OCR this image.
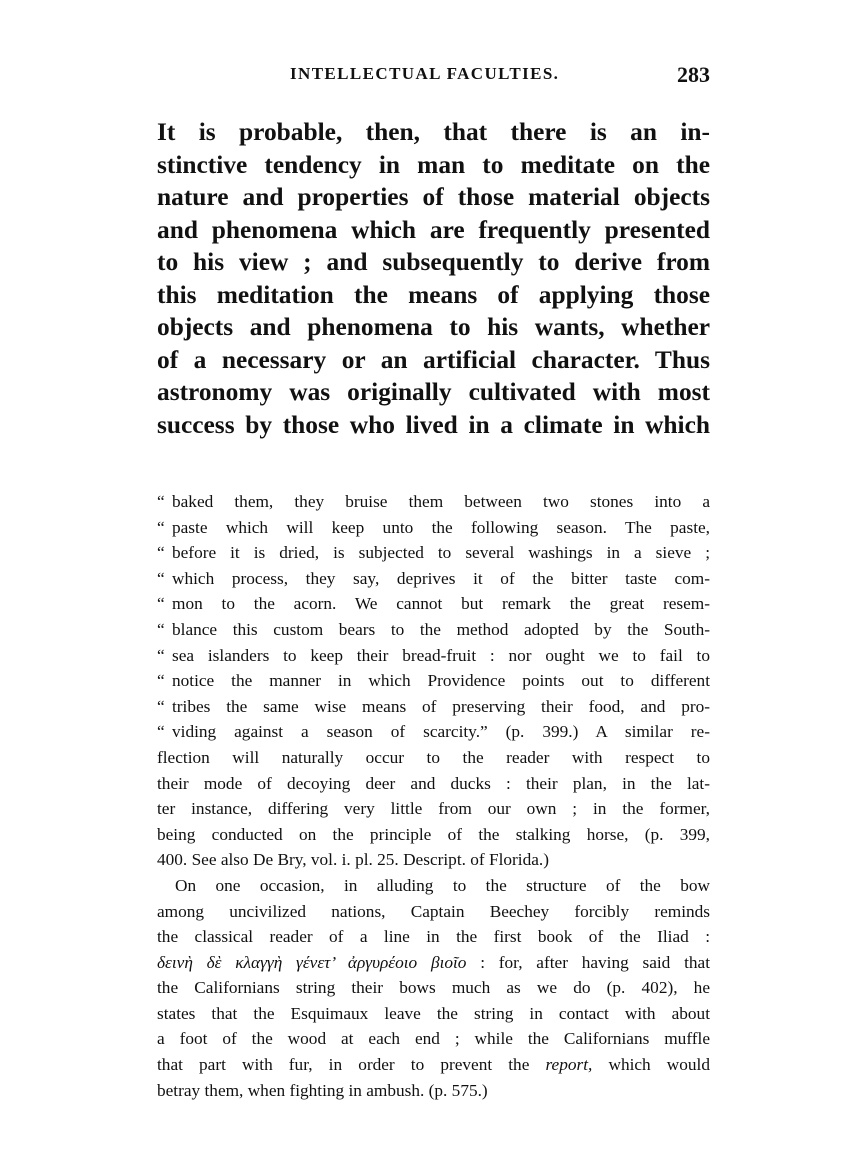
INTELLECTUAL FACULTIES.	283
It is probable, then, that there is an in-
stinctive tendency in man to meditate on the
nature and properties of those material objects
and phenomena which are frequently presented
to his view ; and subsequently to derive from
this meditation the means of applying those
objects and phenomena to his wants, whether
of a necessary or an artificial character. Thus
astronomy was originally cultivated with most
success by those who lived in a climate in which
“ baked them, they bruise them between two stones into a
“ paste which will keep unto the following season. The paste,
“ before it is dried, is subjected to several washings in a sieve ;
“ which process, they say, deprives it of the bitter taste com-
“ mon to the acorn. We cannot but remark the great resem-
“ blance this custom bears to the method adopted by the South-
“ sea islanders to keep their bread-fruit : nor ought we to fail to
“ notice the manner in which Providence points out to different
“ tribes the same wise means of preserving their food, and pro-
“ viding against a season of scarcity.” (p. 399.) A similar re-
flection will naturally occur to the reader with respect to
their mode of decoying deer and ducks : their plan, in the lat-
ter instance, differing very little from our own ; in the former,
being conducted on the principle of the stalking horse, (p. 399,
400. See also De Bry, vol. i. pl. 25. Descript. of Florida.)
On one occasion, in alluding to the structure of the bow
among uncivilized nations, Captain Beechey forcibly reminds
the classical reader of a line in the first book of the Iliad :
δεινὴ δὲ κλαγγὴ γένετ’ ἀργυρέοιο βιοῖο : for, after having said that
the Californians string their bows much as we do (p. 402), he
states that the Esquimaux leave the string in contact with about
a foot of the wood at each end ; while the Californians muffle
that part with fur, in order to prevent the report, which would
betray them, when fighting in ambush. (p. 575.)
